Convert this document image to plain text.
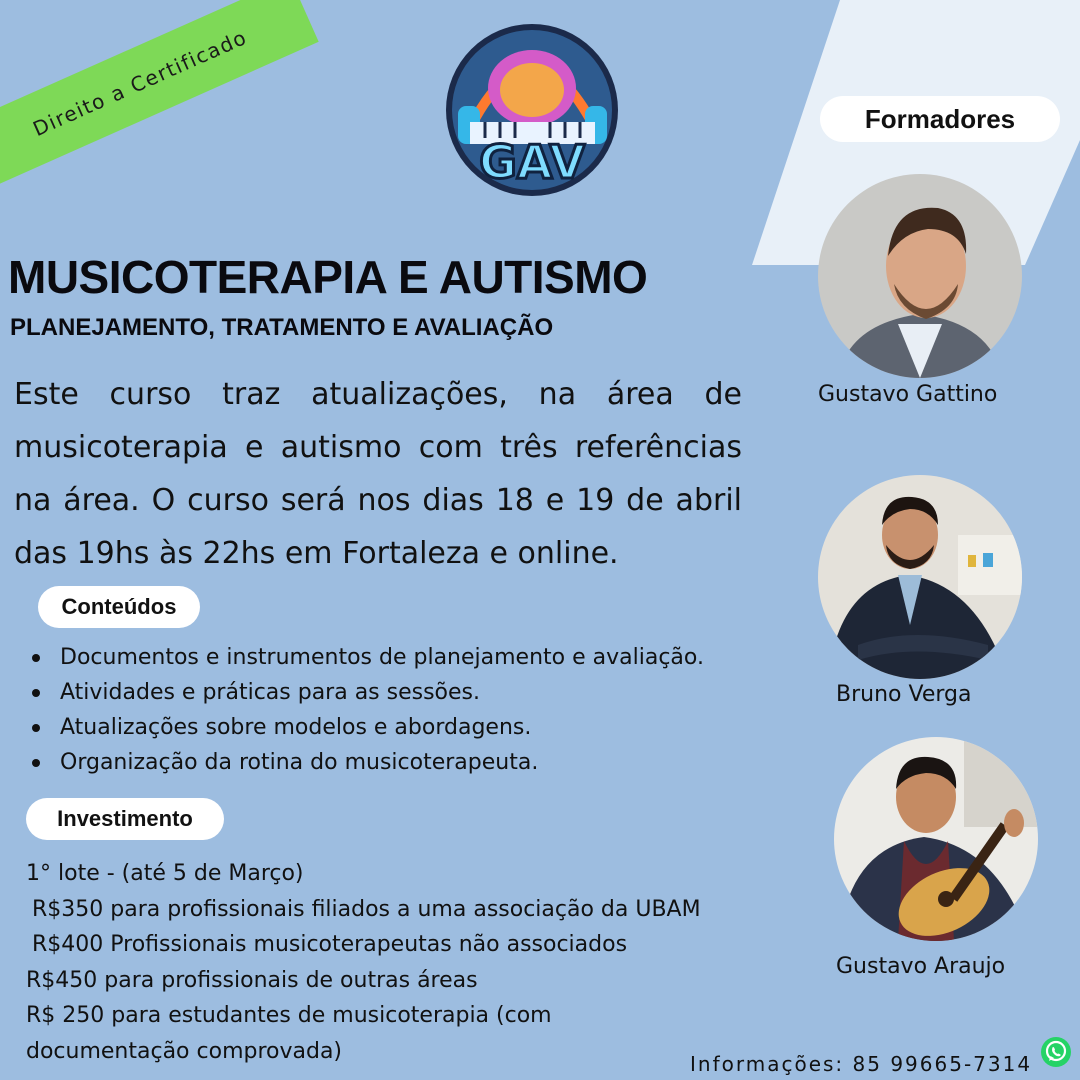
Direito a Certificado
GAV
MUSICOTERAPIA E AUTISMO
PLANEJAMENTO, TRATAMENTO E AVALIAÇÃO
Este curso traz atualizações, na área de musicoterapia e autismo com três referências na área. O curso será nos dias 18 e 19 de abril das 19hs às 22hs em Fortaleza e online.
Conteúdos
Documentos e instrumentos de planejamento e avaliação.
Atividades e práticas para as sessões.
Atualizações sobre modelos e abordagens.
Organização da rotina do musicoterapeuta.
Investimento
1° lote - (até 5 de Março)
R$350 para profissionais filiados a uma associação da UBAM
R$400 Profissionais musicoterapeutas não associados
R$450 para profissionais de outras áreas
R$ 250 para estudantes de musicoterapia (com
documentação comprovada)
Formadores
Gustavo Gattino
Bruno Verga
Gustavo Araujo
Informações: 85 99665-7314
